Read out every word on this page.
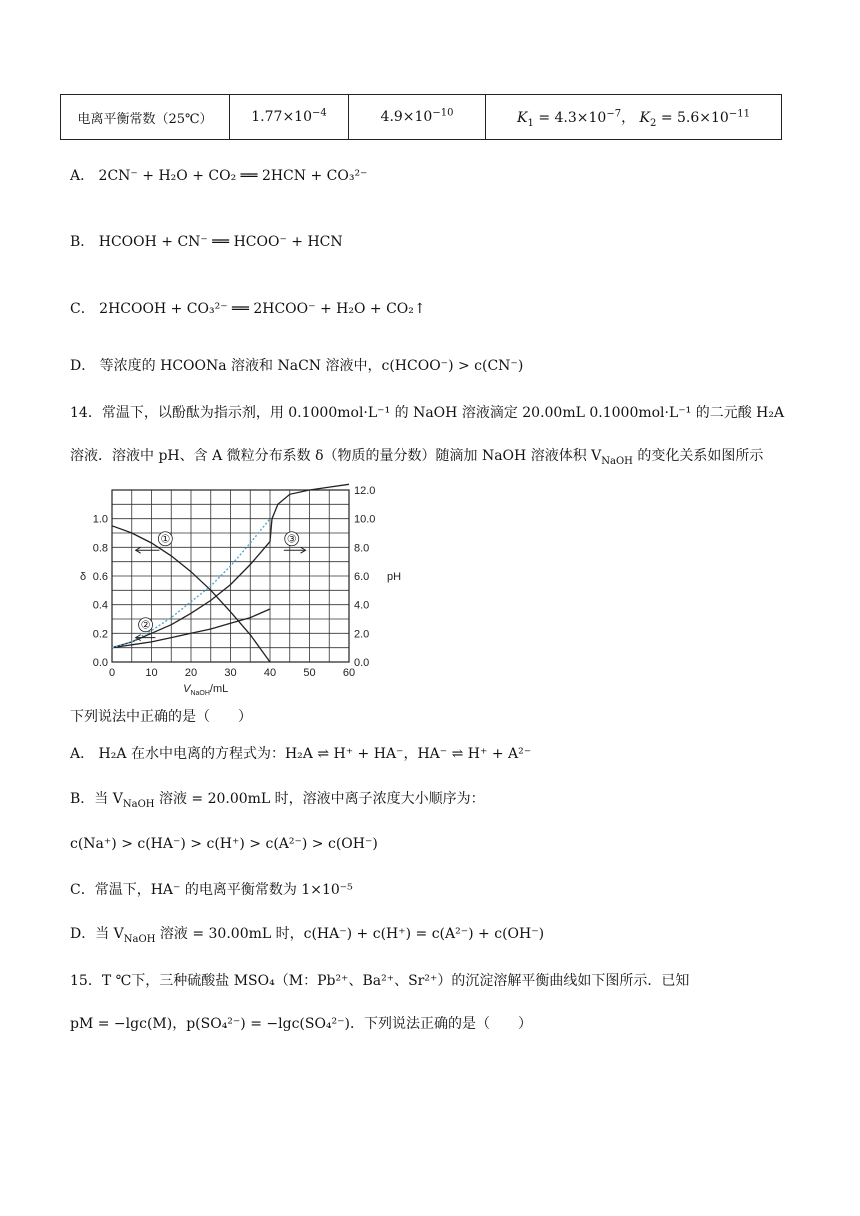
电离平衡常数（25℃）	$1.77\times 10^{-4}$	$4.9\times 10^{-10}$	$K_1 = 4.3\times 10^{-7}$， $K_2 = 5.6\times 10^{-11}$
A． 2CN⁻ + H₂O + CO₂ ══ 2HCN + CO₃²⁻
B． HCOOH + CN⁻ ══ HCOO⁻ + HCN
C． 2HCOOH + CO₃²⁻ ══ 2HCOO⁻ + H₂O + CO₂↑
D． 等浓度的 HCOONa 溶液和 NaCN 溶液中，c(HCOO⁻) > c(CN⁻)
14．常温下，以酚酞为指示剂，用 0.1000mol·L⁻¹ 的 NaOH 溶液滴定 20.00mL 0.1000mol·L⁻¹ 的二元酸 H₂A
溶液．溶液中 pH、含 A 微粒分布系数 δ（物质的量分数）随滴加 NaOH 溶液体积 $V_{NaOH}$ 的变化关系如图所示
0	10 20 30 40 50 60
0.0
0.2
0.4
0.6
0.8
1.0
0.0
2.0
4.0
6.0
8.0
10.0
12.0
δ	pH
$V_{NaOH}/mL$
①
②
③
下列说法中正确的是（　　）
A． H₂A 在水中电离的方程式为：H₂A ⇌ H⁺ + HA⁻，HA⁻ ⇌ H⁺ + A²⁻
B．当 $V_{NaOH}$ 溶液 = 20.00mL 时，溶液中离子浓度大小顺序为：
c(Na⁺) > c(HA⁻) > c(H⁺) > c(A²⁻) > c(OH⁻)
C．常温下，HA⁻ 的电离平衡常数为 1×10⁻⁵
D．当 $V_{NaOH}$ 溶液 = 30.00mL 时，c(HA⁻) + c(H⁺) = c(A²⁻) + c(OH⁻)
15．T ℃下，三种硫酸盐 MSO₄（M：Pb²⁺、Ba²⁺、Sr²⁺）的沉淀溶解平衡曲线如下图所示．已知
pM = −lgc(M)，p(SO₄²⁻) = −lgc(SO₄²⁻)．下列说法正确的是（　　）
